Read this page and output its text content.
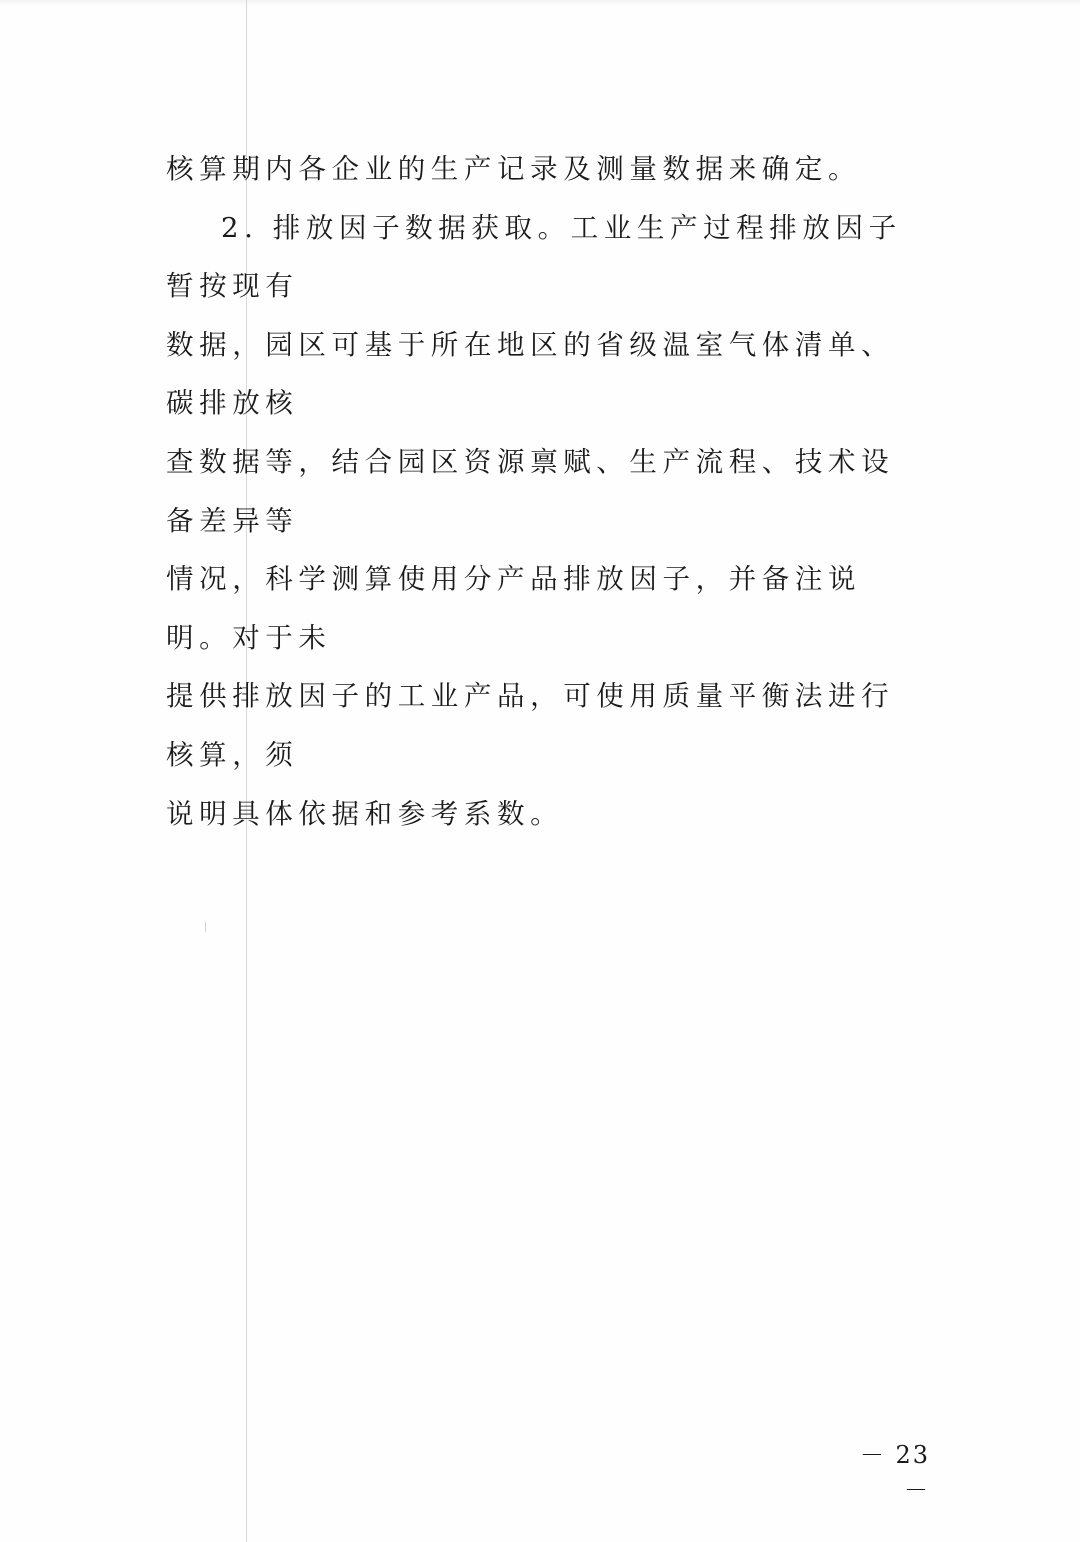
核算期内各企业的生产记录及测量数据来确定。

2. 排放因子数据获取。工业生产过程排放因子暂按现有

数据，园区可基于所在地区的省级温室气体清单、碳排放核

查数据等，结合园区资源禀赋、生产流程、技术设备差异等

情况，科学测算使用分产品排放因子，并备注说明。对于未

提供排放因子的工业产品，可使用质量平衡法进行核算，须

说明具体依据和参考系数。

－ 23 －
